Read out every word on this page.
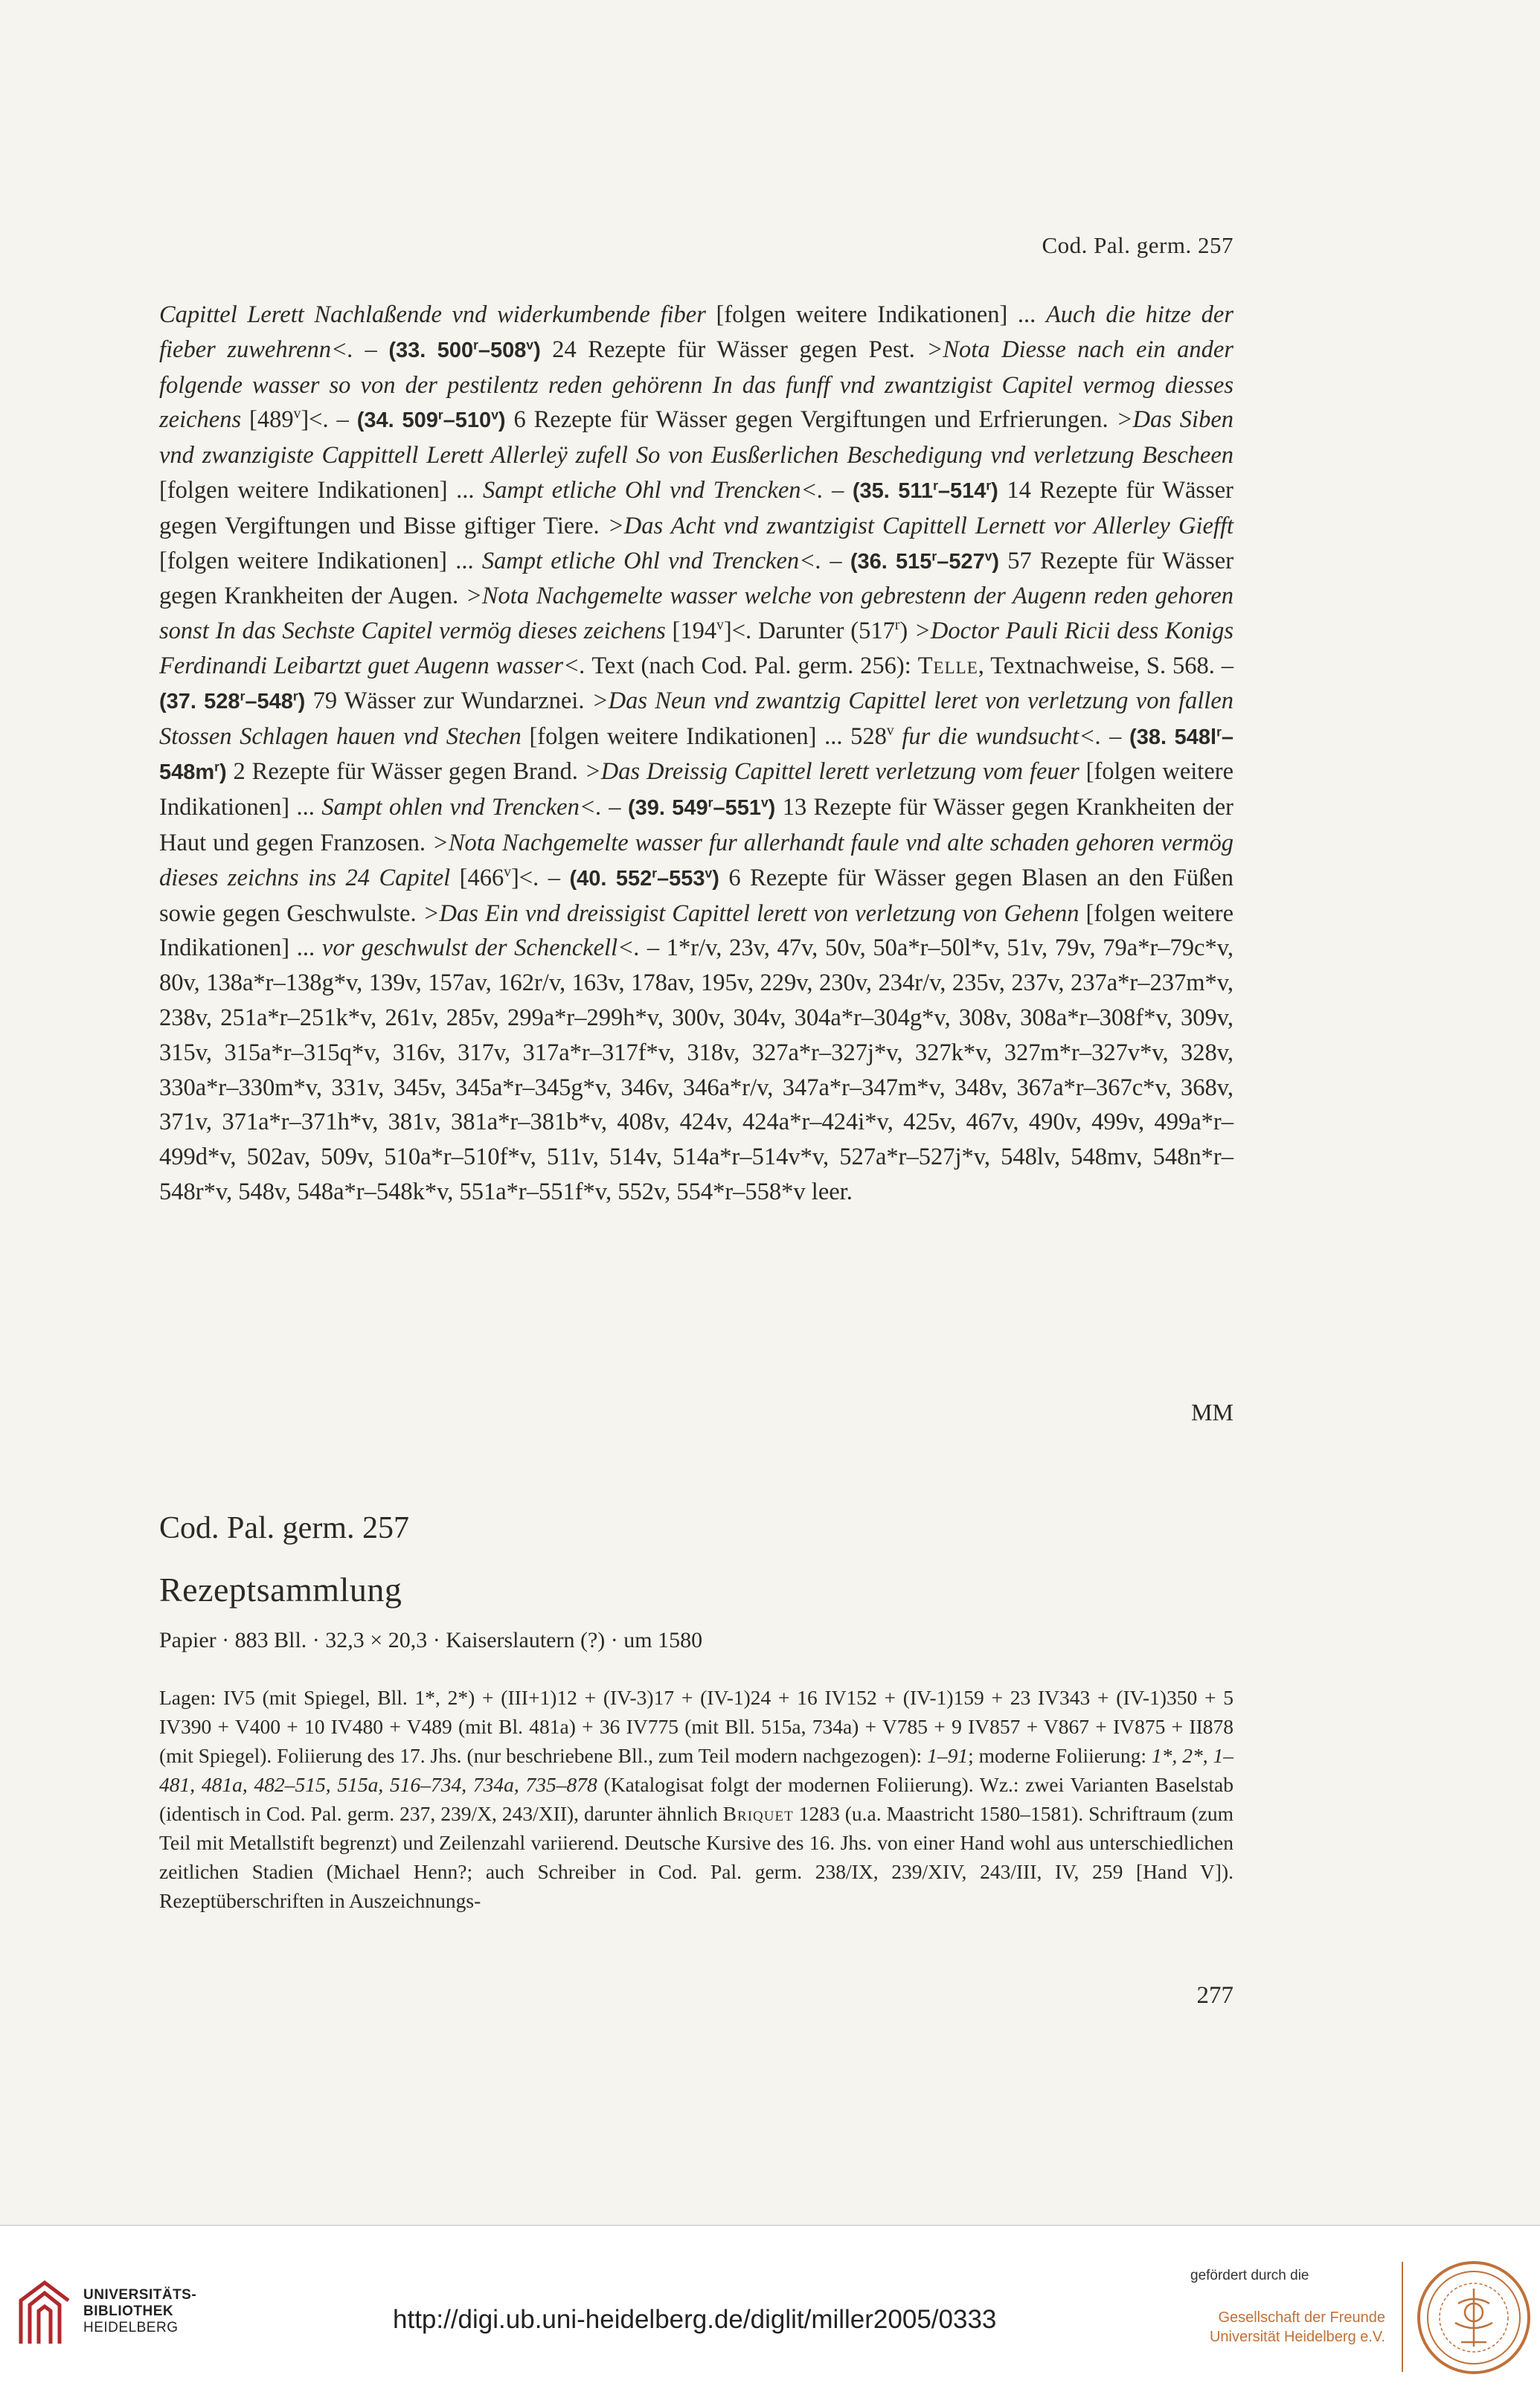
Cod. Pal. germ. 257

Capittel Lerett Nachlaßende vnd widerkumbende fiber [folgen weitere Indikationen] ... Auch die hitze der fieber zuwehrenn<. – (33. 500$^r$–508$^v$) 24 Rezepte für Wässer gegen Pest. >Nota Diesse nach ein ander folgende wasser so von der pestilentz reden gehörenn In das funff vnd zwantzigist Capitel vermog diesses zeichens $[489^v]<$. – (34. 509$^r$–510$^v$) 6 Rezepte für Wässer gegen Vergiftungen und Erfrierungen. >Das Siben vnd zwanzigiste Cappittell Lerett Allerleÿ zufell So von Eusßerlichen Beschedigung vnd verletzung Bescheen [folgen weitere Indikationen] ... Sampt etliche Ohl vnd Trencken<. – (35. 511$^r$–514$^r$) 14 Rezepte für Wässer gegen Vergiftungen und Bisse giftiger Tiere. >Das Acht vnd zwantzigist Capittell Lernett vor Allerley Giefft [folgen weitere Indikationen] ... Sampt etliche Ohl vnd Trencken<. – (36. 515$^r$–527$^v$) 57 Rezepte für Wässer gegen Krankheiten der Augen. >Nota Nachgemelte wasser welche von gebrestenn der Augenn reden gehoren sonst In das Sechste Capitel vermög dieses zeichens $[194^v]<$. Darunter $(517^r)$ >Doctor Pauli Ricii dess Konigs Ferdinandi Leibartzt guet Augenn wasser<. Text (nach Cod. Pal. germ. 256): Telle, Textnachweise, S. 568. – (37. 528$^r$–548$^r$) 79 Wässer zur Wundarznei. >Das Neun vnd zwantzig Capittel leret von verletzung von fallen Stossen Schlagen hauen vnd Stechen [folgen weitere Indikationen] ... 528$^v$ fur die wundsucht<. – (38. $548l^r-548m^r$) 2 Rezepte für Wässer gegen Brand. >Das Dreissig Capittel lerett verletzung vom feuer [folgen weitere Indikationen] ... Sampt ohlen vnd Trencken<. – (39. 549$^r$–551$^v$) 13 Rezepte für Wässer gegen Krankheiten der Haut und gegen Franzosen. >Nota Nachgemelte wasser fur allerhandt faule vnd alte schaden gehoren vermög dieses zeichns ins 24 Capitel $[466^v]<$. – (40. 552$^r$–553$^v$) 6 Rezepte für Wässer gegen Blasen an den Füßen sowie gegen Geschwulste. >Das Ein vnd dreissigist Capittel lerett von verletzung von Gehenn [folgen weitere Indikationen] ... vor geschwulst der Schenckell<. – 1*r/v, 23v, 47v, 50v, 50a*r–50l*v, 51v, 79v, 79a*r–79c*v, 80v, 138a*r–138g*v, 139v, 157av, 162r/v, 163v, 178av, 195v, 229v, 230v, 234r/v, 235v, 237v, 237a*r–237m*v, 238v, 251a*r–251k*v, 261v, 285v, 299a*r–299h*v, 300v, 304v, 304a*r–304g*v, 308v, 308a*r–308f*v, 309v, 315v, 315a*r–315q*v, 316v, 317v, 317a*r–317f*v, 318v, 327a*r–327j*v, 327k*v, 327m*r–327v*v, 328v, 330a*r–330m*v, 331v, 345v, 345a*r–345g*v, 346v, 346a*r/v, 347a*r–347m*v, 348v, 367a*r–367c*v, 368v, 371v, 371a*r–371h*v, 381v, 381a*r–381b*v, 408v, 424v, 424a*r–424i*v, 425v, 467v, 490v, 499v, 499a*r–499d*v, 502av, 509v, 510a*r–510f*v, 511v, 514v, 514a*r–514v*v, 527a*r–527j*v, 548lv, 548mv, 548n*r–548r*v, 548v, 548a*r–548k*v, 551a*r–551f*v, 552v, 554*r–558*v leer.

MM
Cod. Pal. germ. 257
Rezeptsammlung
Papier · 883 Bll. · 32,3 × 20,3 · Kaiserslautern (?) · um 1580
Lagen: IV5 (mit Spiegel, Bll. 1*, 2*) + (III+1)12 + (IV-3)17 + (IV-1)24 + 16 IV152 + (IV-1)159 + 23 IV343 + (IV-1)350 + 5 IV390 + V400 + 10 IV480 + V489 (mit Bl. 481a) + 36 IV775 (mit Bll. 515a, 734a) + V785 + 9 IV857 + V867 + IV875 + II878 (mit Spiegel). Foliierung des 17. Jhs. (nur beschriebene Bll., zum Teil modern nachgezogen): 1–91; moderne Foliierung: 1*, 2*, 1–481, 481a, 482–515, 515a, 516–734, 734a, 735–878 (Katalogisat folgt der modernen Foliierung). Wz.: zwei Varianten Baselstab (identisch in Cod. Pal. germ. 237, 239/X, 243/XII), darunter ähnlich Briquet 1283 (u.a. Maastricht 1580–1581). Schriftraum (zum Teil mit Metallstift begrenzt) und Zeilenzahl variierend. Deutsche Kursive des 16. Jhs. von einer Hand wohl aus unterschiedlichen zeitlichen Stadien (Michael Henn?; auch Schreiber in Cod. Pal. germ. 238/IX, 239/XIV, 243/III, IV, 259 [Hand V]). Rezeptüberschriften in Auszeichnungs-
277
UNIVERSITÄTS-
BIBLIOTHEK
HEIDELBERG	http://digi.ub.uni-heidelberg.de/diglit/miller2005/0333
gefördert durch die
Gesellschaft der Freunde
Universität Heidelberg e.V.
